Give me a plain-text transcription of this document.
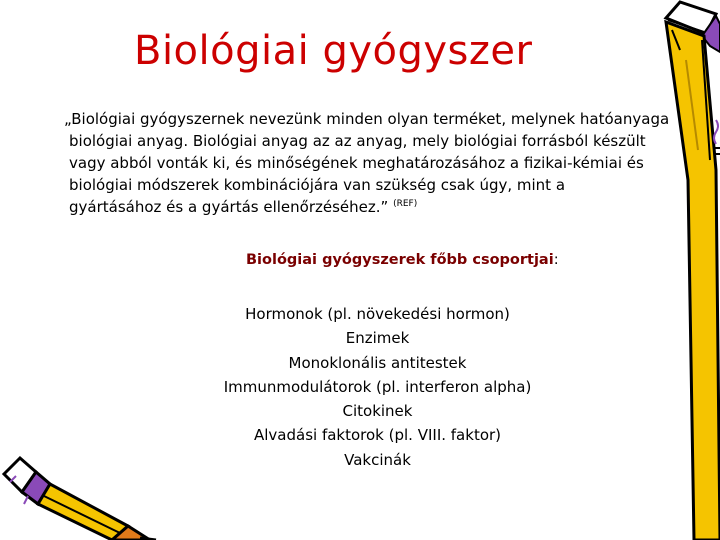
Biológiai gyógyszer
„Biológiai gyógyszernek nevezünk minden olyan terméket, melynek hatóanyaga
biológiai anyag. Biológiai anyag az az anyag, mely biológiai forrásból készült
vagy abból vonták ki, és minőségének meghatározásához a fizikai-kémiai és
biológiai módszerek kombinációjára van szükség csak úgy, mint a
gyártásához és a gyártás ellenőrzéséhez.” $^{(REF)}$
Biológiai gyógyszerek főbb csoportjai:
Hormonok (pl. növekedési hormon)
Enzimek
Monoklonális antitestek
Immunmodulátorok (pl. interferon alpha)
Citokinek
Alvadási faktorok (pl. VIII. faktor)
Vakcinák
